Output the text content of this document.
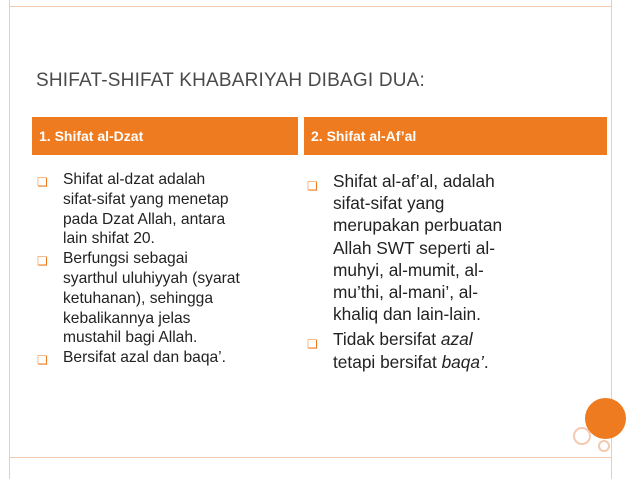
SHIFAT-SHIFAT KHABARIYAH DIBAGI DUA:
1. Shifat al-Dzat	2. Shifat al-Af’al
❏ Shifat al-dzat adalah
sifat-sifat yang menetap
pada Dzat Allah, antara
lain shifat 20.
❏ Berfungsi sebagai
syarthul uluhiyyah (syarat
ketuhanan), sehingga
kebalikannya jelas
mustahil bagi Allah.
❏ Bersifat azal dan baqa’.
❏ Shifat al-af’al, adalah
sifat-sifat yang
merupakan perbuatan
Allah SWT seperti al-
muhyi, al-mumit, al-
mu’thi, al-mani’, al-
khaliq dan lain-lain.
❏ Tidak bersifat azal
tetapi bersifat baqa’.
